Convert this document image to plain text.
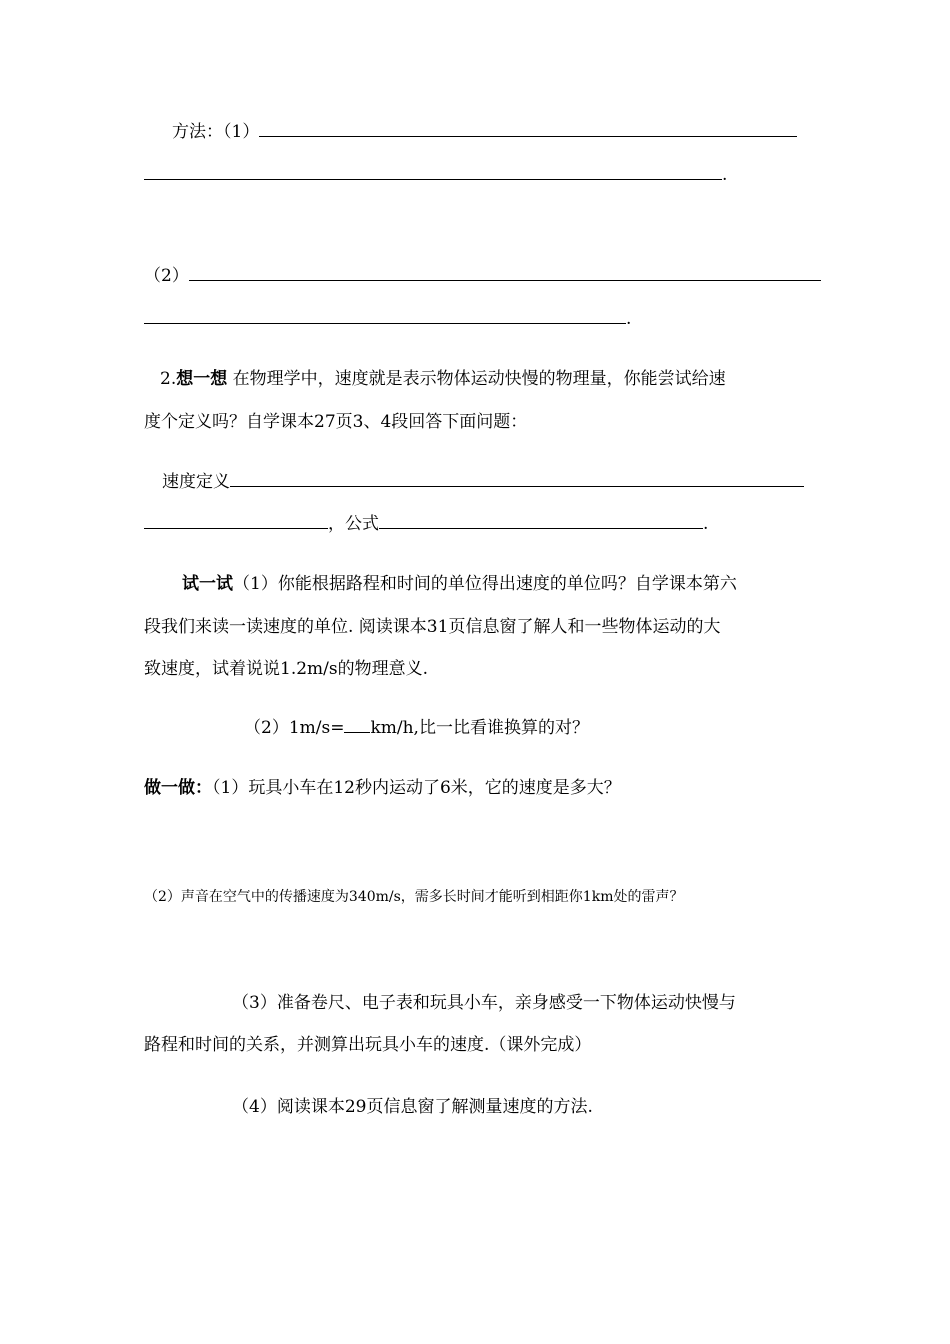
方法：（1）
.
（2）
.
2.想一想 在物理学中，速度就是表示物体运动快慢的物理量，你能尝试给速
度个定义吗？自学课本27页3、4段回答下面问题：
速度定义
，公式	.
试一试（1）你能根据路程和时间的单位得出速度的单位吗？自学课本第六
段我们来读一读速度的单位. 阅读课本31页信息窗了解人和一些物体运动的大
致速度，试着说说1.2m/s的物理意义.
（2）1m/s= km/h,比一比看谁换算的对？
做一做：（1）玩具小车在12秒内运动了6米，它的速度是多大？
（2）声音在空气中的传播速度为340m/s，需多长时间才能听到相距你1km处的雷声？
（3）准备卷尺、电子表和玩具小车，亲身感受一下物体运动快慢与
路程和时间的关系，并测算出玩具小车的速度.（课外完成）
（4）阅读课本29页信息窗了解测量速度的方法.
